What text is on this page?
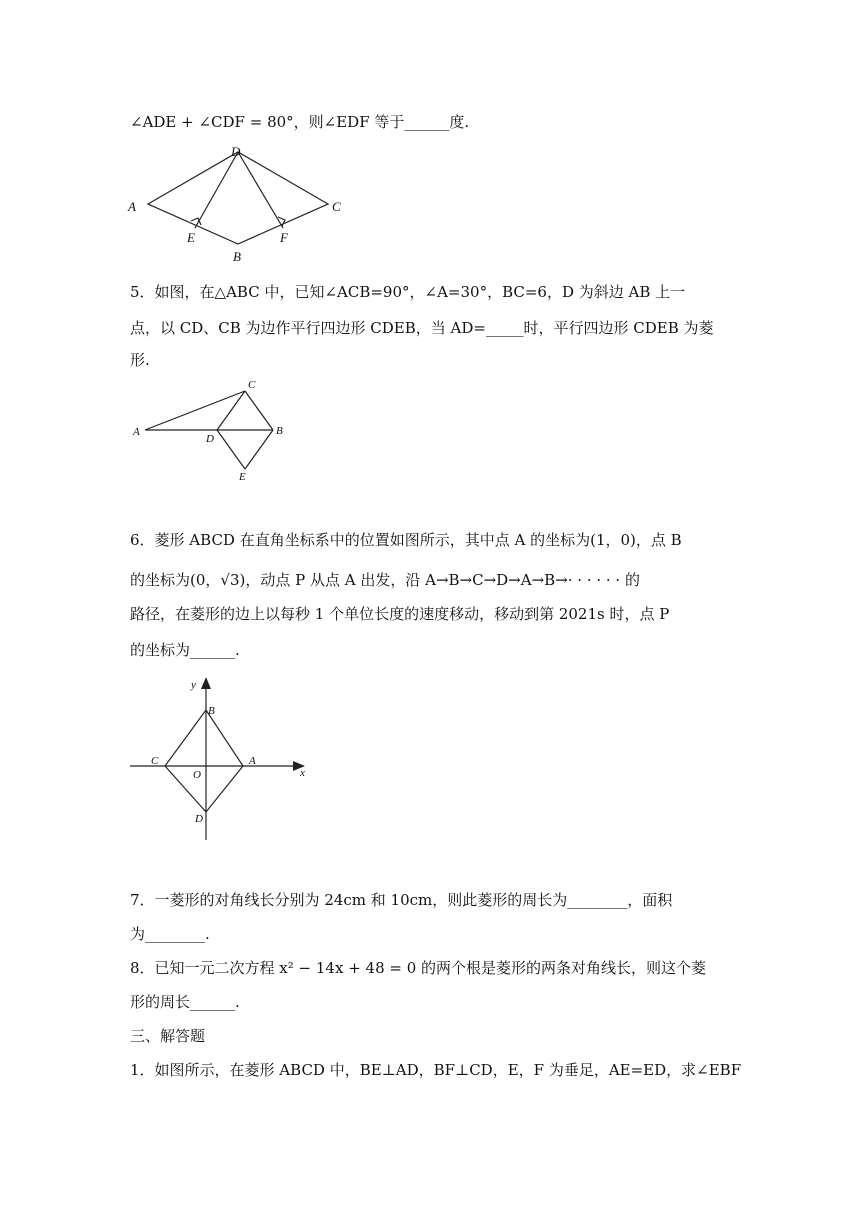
∠ADE + ∠CDF = 80°，则∠EDF 等于______度.
A
D
C
E	F
B
5．如图，在△ABC 中，已知∠ACB=90°，∠A=30°，BC=6，D 为斜边 AB 上一
点，以 CD、CB 为边作平行四边形 CDEB，当 AD=_____时，平行四边形 CDEB 为菱
形.
A
C
B
D
E
6．菱形 ABCD 在直角坐标系中的位置如图所示，其中点 A 的坐标为(1，0)，点 B
的坐标为(0，√3)，动点 P 从点 A 出发，沿 A→B→C→D→A→B→· · · · · · 的
路径，在菱形的边上以每秒 1 个单位长度的速度移动，移动到第 2021s 时，点 P
的坐标为______.
y
x
B
C	A
O
D
7．一菱形的对角线长分别为 24cm 和 10cm，则此菱形的周长为________，面积
为________.
8．已知一元二次方程 x² − 14x + 48 = 0 的两个根是菱形的两条对角线长，则这个菱
形的周长______.
三、解答题
1．如图所示，在菱形 ABCD 中，BE⊥AD，BF⊥CD，E，F 为垂足，AE=ED，求∠EBF
